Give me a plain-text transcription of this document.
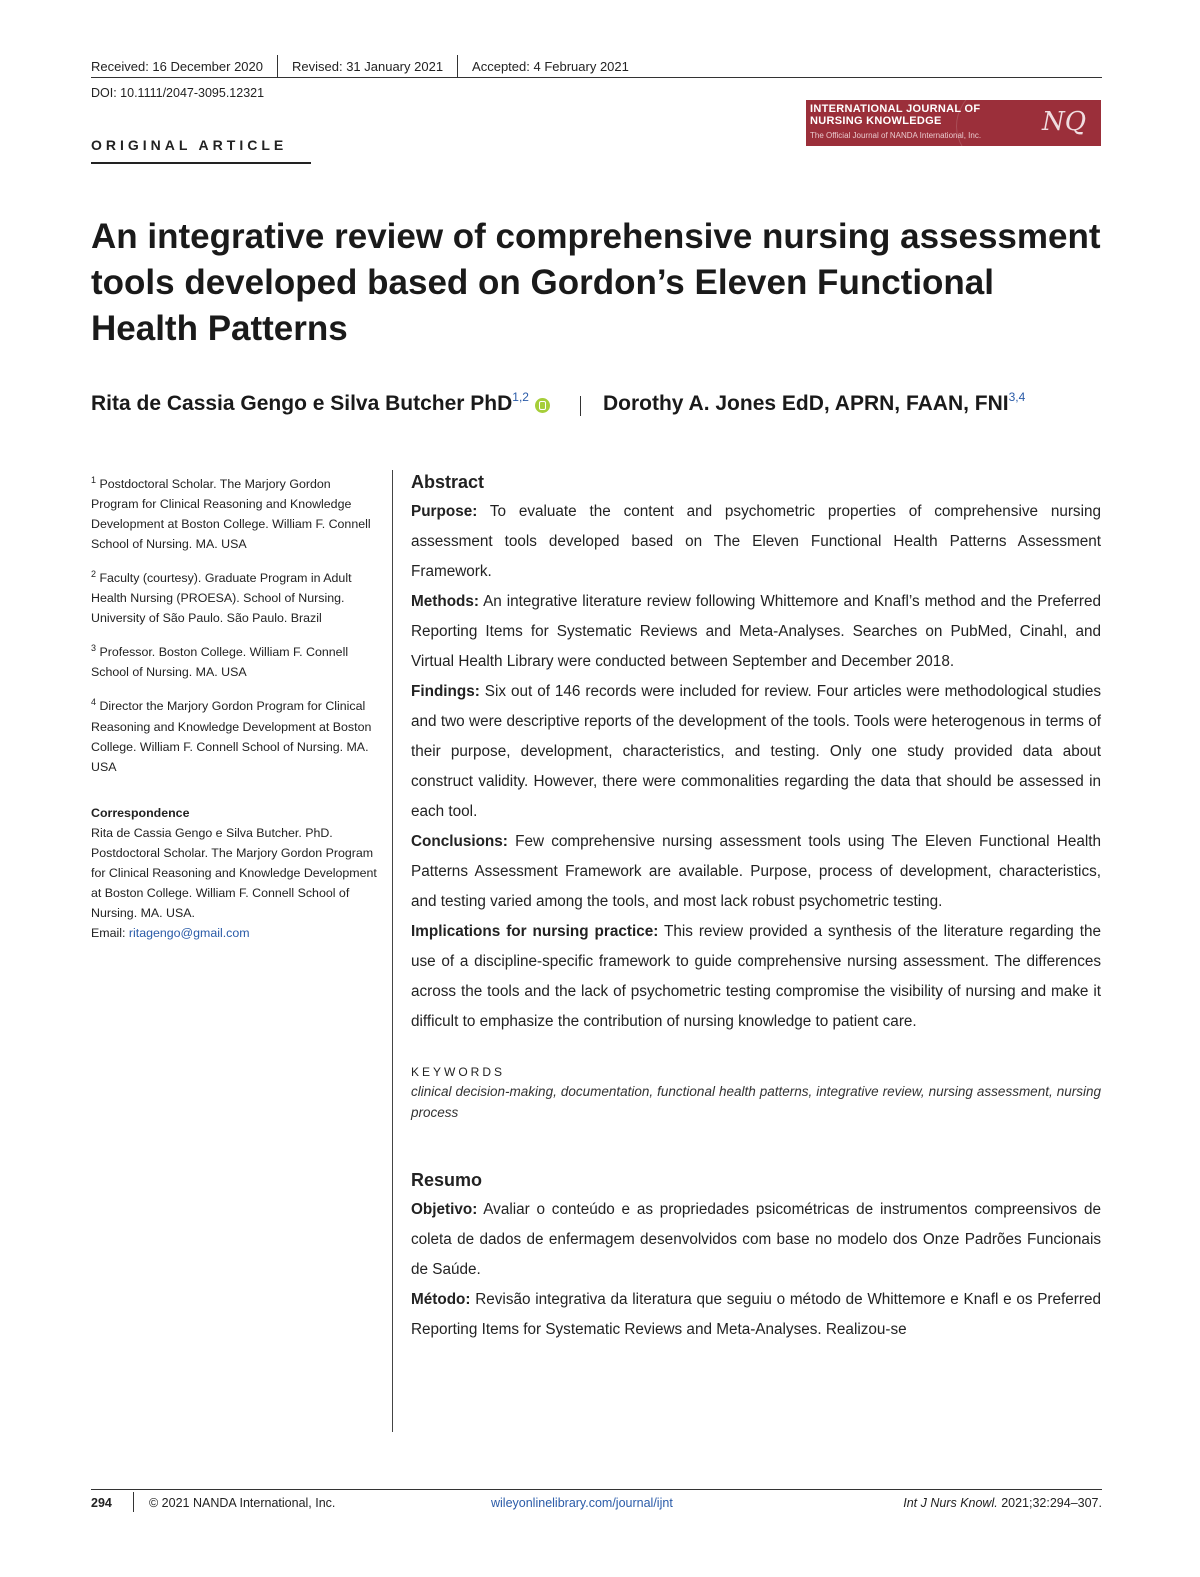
Received: 16 December 2020 Revised: 31 January 2021 Accepted: 4 February 2021
DOI: 10.1111/2047-3095.12321
ORIGINAL ARTICLE
INTERNATIONAL JOURNAL OF
NURSING KNOWLEDGE
The Official Journal of NANDA International, Inc. NQ
An integrative review of comprehensive nursing assessment tools developed based on Gordon’s Eleven Functional Health Patterns
Rita de Cassia Gengo e Silva Butcher PhD$^{1,2}$	Dorothy A. Jones EdD, APRN, FAAN, FNI$^{3,4}$
$^1$ Postdoctoral Scholar. The Marjory Gordon Program for Clinical Reasoning and Knowledge Development at Boston College. William F. Connell School of Nursing. MA. USA
$^2$ Faculty (courtesy). Graduate Program in Adult Health Nursing (PROESA). School of Nursing. University of São Paulo. São Paulo. Brazil
$^3$ Professor. Boston College. William F. Connell School of Nursing. MA. USA
$^4$ Director the Marjory Gordon Program for Clinical Reasoning and Knowledge Development at Boston College. William F. Connell School of Nursing. MA. USA
Correspondence
Rita de Cassia Gengo e Silva Butcher. PhD. Postdoctoral Scholar. The Marjory Gordon Program for Clinical Reasoning and Knowledge Development at Boston College. William F. Connell School of Nursing. MA. USA.
Email: ritagengo@gmail.com
Abstract

Purpose: To evaluate the content and psychometric properties of comprehensive nursing assessment tools developed based on The Eleven Functional Health Patterns Assessment Framework.

Methods: An integrative literature review following Whittemore and Knafl’s method and the Preferred Reporting Items for Systematic Reviews and Meta-Analyses. Searches on PubMed, Cinahl, and Virtual Health Library were conducted between September and December 2018.

Findings: Six out of 146 records were included for review. Four articles were methodological studies and two were descriptive reports of the development of the tools. Tools were heterogenous in terms of their purpose, development, characteristics, and testing. Only one study provided data about construct validity. However, there were commonalities regarding the data that should be assessed in each tool.

Conclusions: Few comprehensive nursing assessment tools using The Eleven Functional Health Patterns Assessment Framework are available. Purpose, process of development, characteristics, and testing varied among the tools, and most lack robust psychometric testing.

Implications for nursing practice: This review provided a synthesis of the literature regarding the use of a discipline-specific framework to guide comprehensive nursing assessment. The differences across the tools and the lack of psychometric testing compromise the visibility of nursing and make it difficult to emphasize the contribution of nursing knowledge to patient care.

KEYWORDS
clinical decision-making, documentation, functional health patterns, integrative review, nursing assessment, nursing process
Resumo

Objetivo: Avaliar o conteúdo e as propriedades psicométricas de instrumentos compreensivos de coleta de dados de enfermagem desenvolvidos com base no modelo dos Onze Padrões Funcionais de Saúde.

Método: Revisão integrativa da literatura que seguiu o método de Whittemore e Knafl e os Preferred Reporting Items for Systematic Reviews and Meta-Analyses. Realizou-se

294	© 2021 NANDA International, Inc.	wileyonlinelibrary.com/journal/ijnt	Int J Nurs Knowl. 2021;32:294–307.
